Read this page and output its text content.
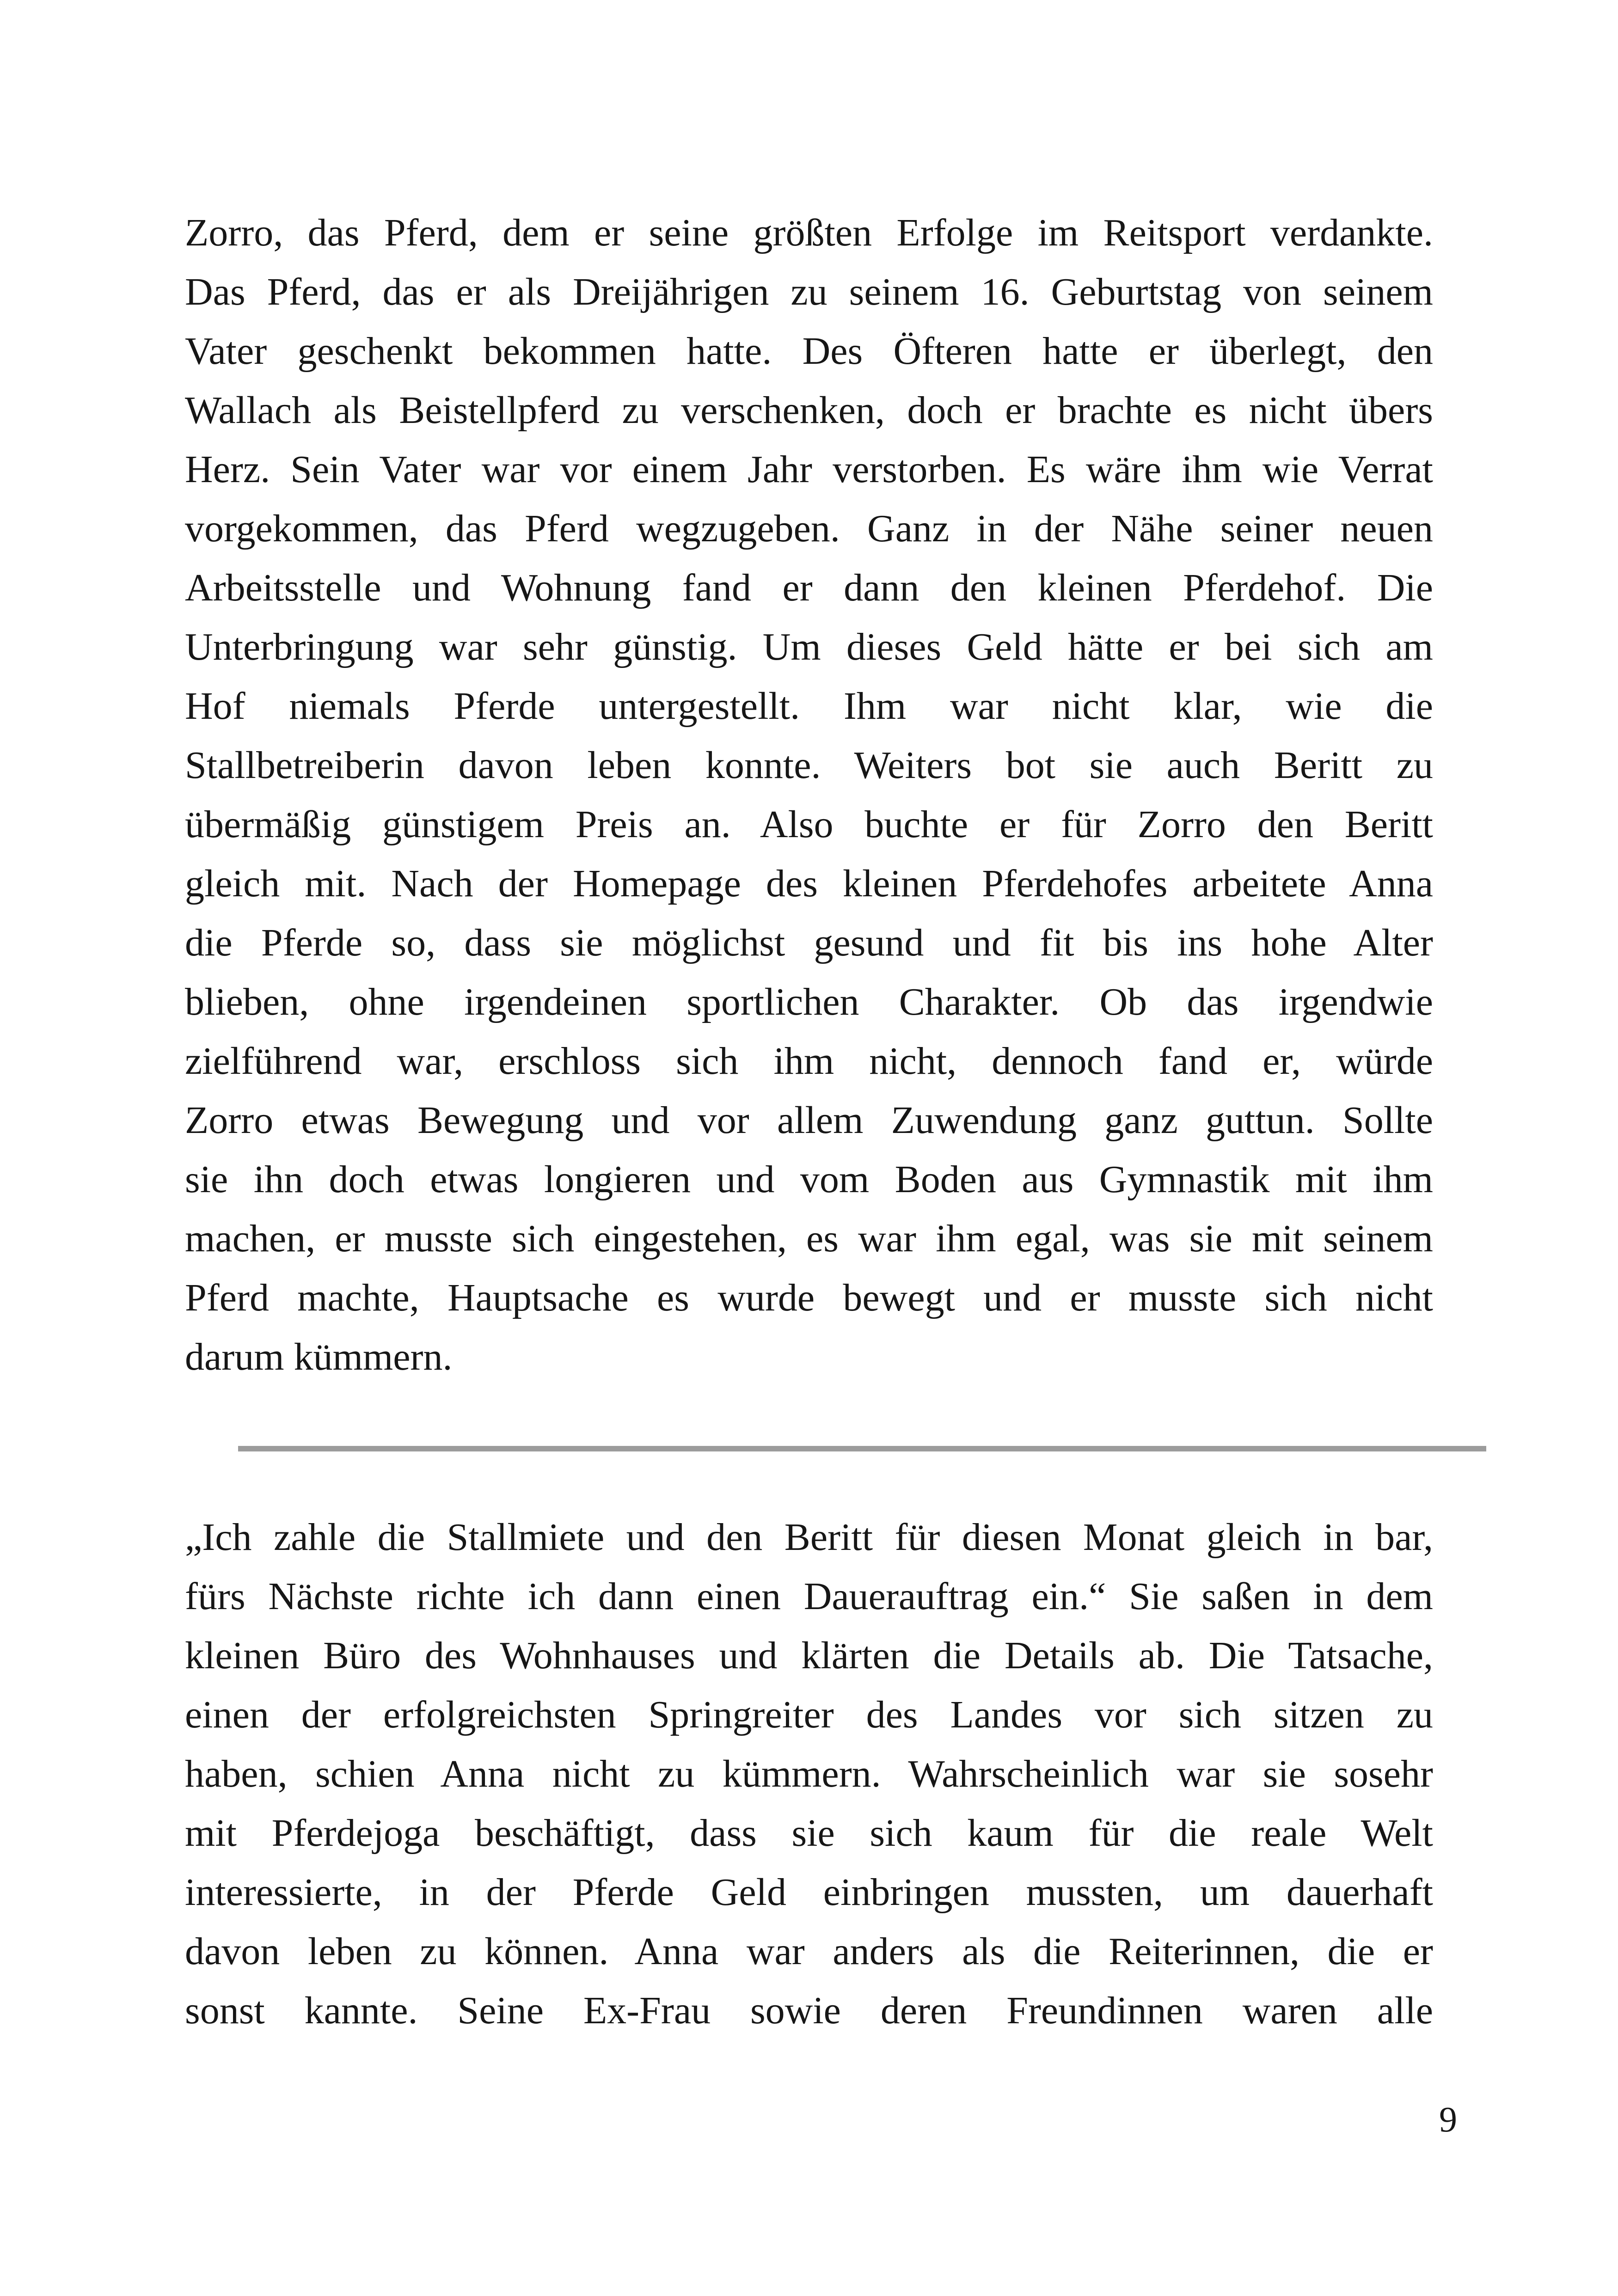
Zorro, das Pferd, dem er seine größten Erfolge im Reitsport verdankte.
Das Pferd, das er als Dreijährigen zu seinem 16. Geburtstag von seinem
Vater geschenkt bekommen hatte. Des Öfteren hatte er überlegt, den
Wallach als Beistellpferd zu verschenken, doch er brachte es nicht übers
Herz. Sein Vater war vor einem Jahr verstorben. Es wäre ihm wie Verrat
vorgekommen, das Pferd wegzugeben. Ganz in der Nähe seiner neuen
Arbeitsstelle und Wohnung fand er dann den kleinen Pferdehof. Die
Unterbringung war sehr günstig. Um dieses Geld hätte er bei sich am
Hof niemals Pferde untergestellt. Ihm war nicht klar, wie die
Stallbetreiberin davon leben konnte. Weiters bot sie auch Beritt zu
übermäßig günstigem Preis an. Also buchte er für Zorro den Beritt
gleich mit. Nach der Homepage des kleinen Pferdehofes arbeitete Anna
die Pferde so, dass sie möglichst gesund und fit bis ins hohe Alter
blieben, ohne irgendeinen sportlichen Charakter. Ob das irgendwie
zielführend war, erschloss sich ihm nicht, dennoch fand er, würde
Zorro etwas Bewegung und vor allem Zuwendung ganz guttun. Sollte
sie ihn doch etwas longieren und vom Boden aus Gymnastik mit ihm
machen, er musste sich eingestehen, es war ihm egal, was sie mit seinem
Pferd machte, Hauptsache es wurde bewegt und er musste sich nicht
darum kümmern.
„Ich zahle die Stallmiete und den Beritt für diesen Monat gleich in bar,
fürs Nächste richte ich dann einen Dauerauftrag ein.“ Sie saßen in dem
kleinen Büro des Wohnhauses und klärten die Details ab. Die Tatsache,
einen der erfolgreichsten Springreiter des Landes vor sich sitzen zu
haben, schien Anna nicht zu kümmern. Wahrscheinlich war sie sosehr
mit Pferdejoga beschäftigt, dass sie sich kaum für die reale Welt
interessierte, in der Pferde Geld einbringen mussten, um dauerhaft
davon leben zu können. Anna war anders als die Reiterinnen, die er
sonst kannte. Seine Ex-Frau sowie deren Freundinnen waren alle
9
